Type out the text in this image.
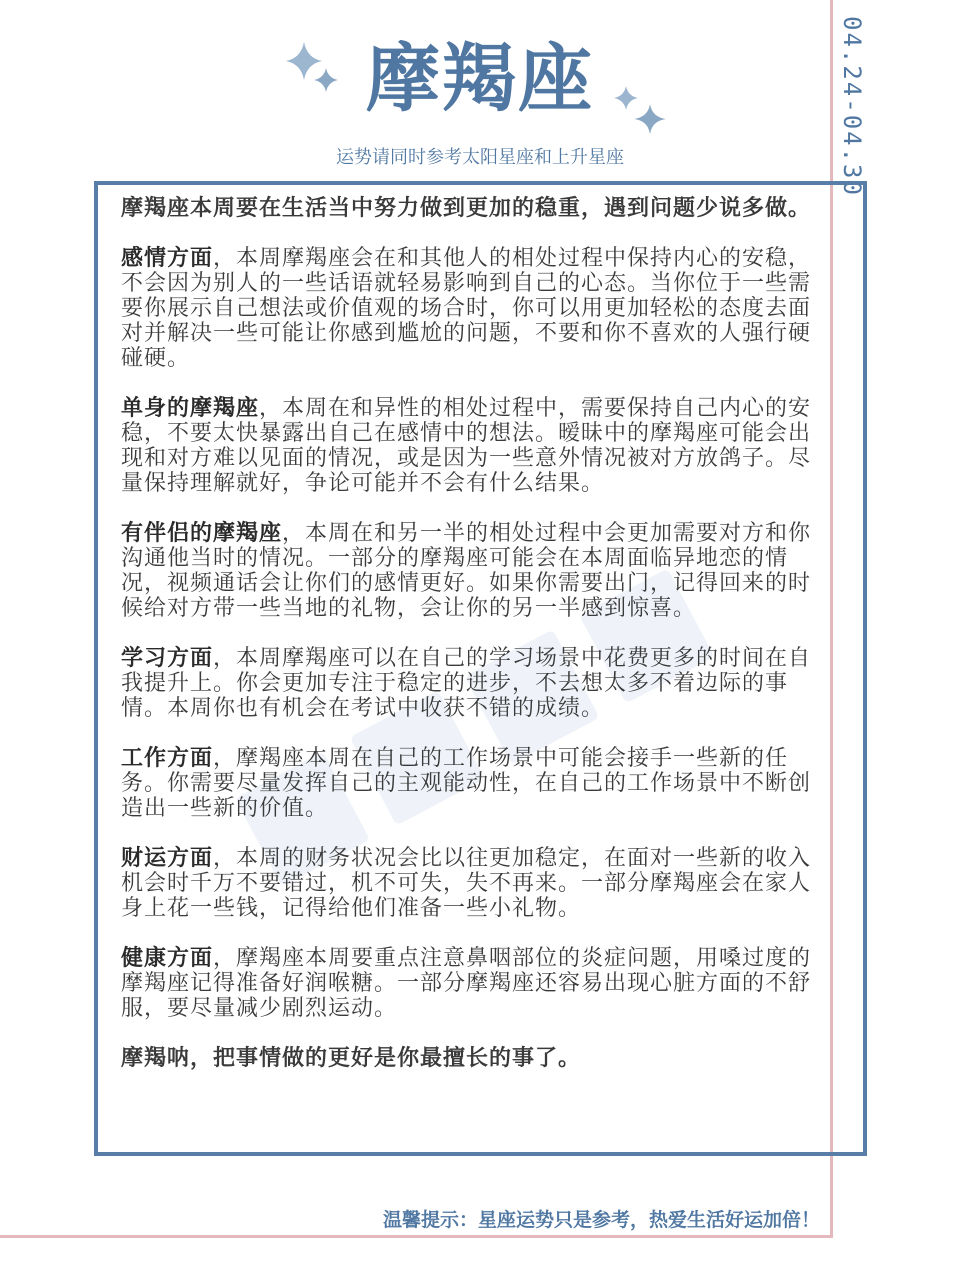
04.24-04.30
摩羯座
运势请同时参考太阳星座和上升星座

摩羯座本周要在生活当中努力做到更加的稳重，遇到问题少说多做。

感情方面，本周摩羯座会在和其他人的相处过程中保持内心的安稳，不会因为别人的一些话语就轻易影响到自己的心态。当你位于一些需要你展示自己想法或价值观的场合时，你可以用更加轻松的态度去面对并解决一些可能让你感到尴尬的问题，不要和你不喜欢的人强行硬碰硬。

单身的摩羯座，本周在和异性的相处过程中，需要保持自己内心的安稳，不要太快暴露出自己在感情中的想法。暧昧中的摩羯座可能会出现和对方难以见面的情况，或是因为一些意外情况被对方放鸽子。尽量保持理解就好，争论可能并不会有什么结果。

有伴侣的摩羯座，本周在和另一半的相处过程中会更加需要对方和你沟通他当时的情况。一部分的摩羯座可能会在本周面临异地恋的情况，视频通话会让你们的感情更好。如果你需要出门，记得回来的时候给对方带一些当地的礼物，会让你的另一半感到惊喜。

学习方面，本周摩羯座可以在自己的学习场景中花费更多的时间在自我提升上。你会更加专注于稳定的进步，不去想太多不着边际的事情。本周你也有机会在考试中收获不错的成绩。

工作方面，摩羯座本周在自己的工作场景中可能会接手一些新的任务。你需要尽量发挥自己的主观能动性，在自己的工作场景中不断创造出一些新的价值。

财运方面，本周的财务状况会比以往更加稳定，在面对一些新的收入机会时千万不要错过，机不可失，失不再来。一部分摩羯座会在家人身上花一些钱，记得给他们准备一些小礼物。

健康方面，摩羯座本周要重点注意鼻咽部位的炎症问题，用嗓过度的摩羯座记得准备好润喉糖。一部分摩羯座还容易出现心脏方面的不舒服，要尽量减少剧烈运动。

摩羯呐，把事情做的更好是你最擅长的事了。

温馨提示：星座运势只是参考，热爱生活好运加倍！
